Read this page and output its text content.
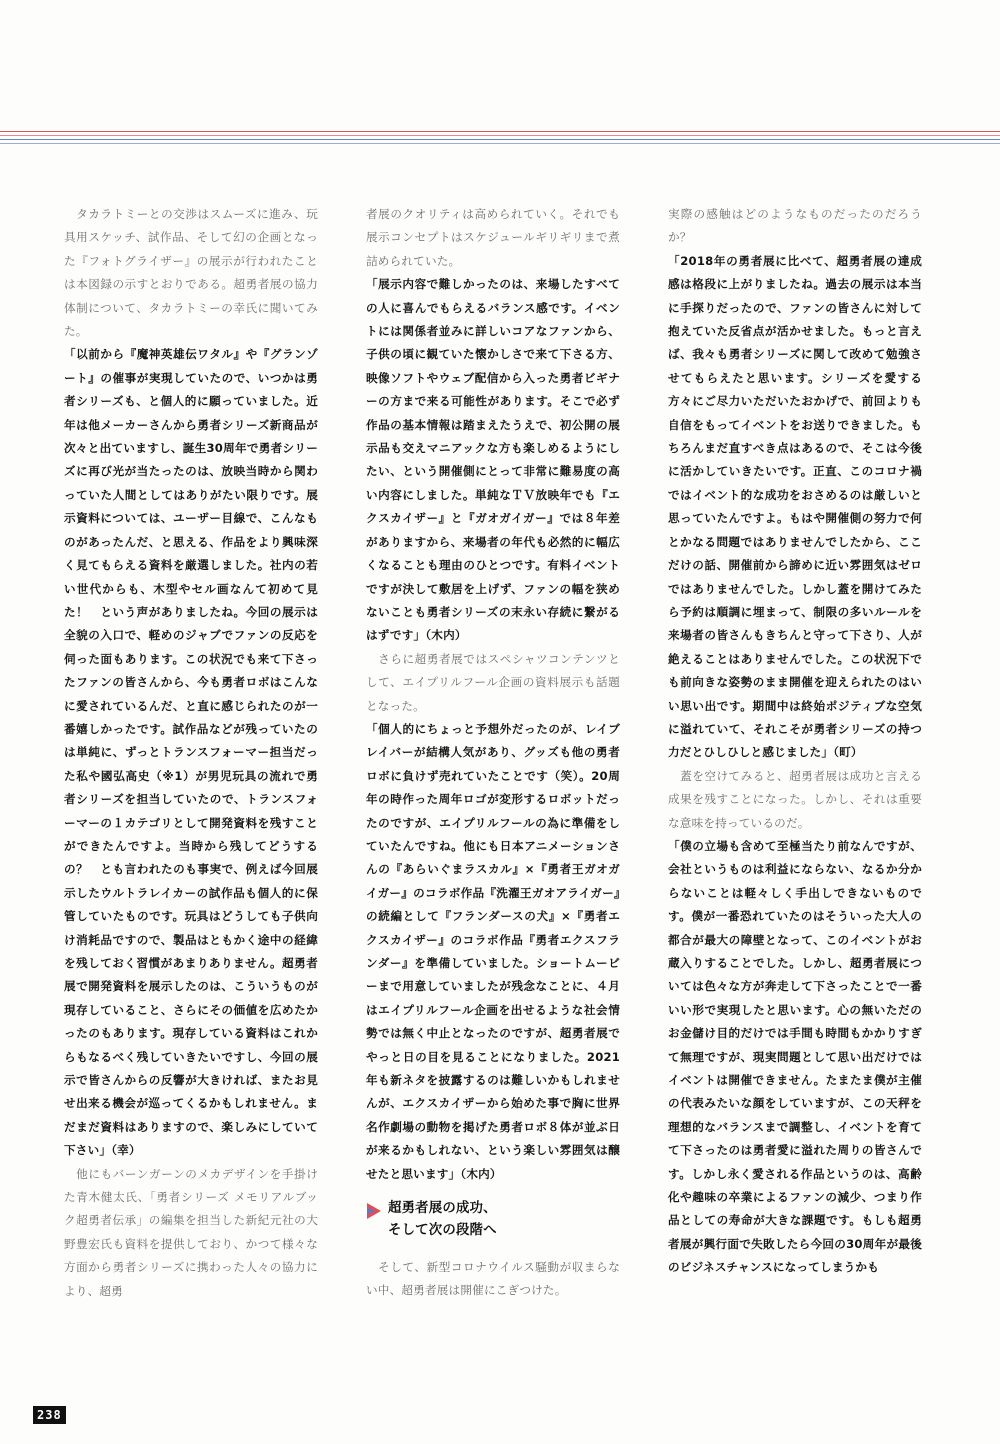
　タカラトミーとの交渉はスムーズに進み、玩具用スケッチ、試作品、そして幻の企画となった『フォトグライザー』の展示が行われたことは本図録の示すとおりである。超勇者展の協力体制について、タカラトミーの幸氏に聞いてみた。

「以前から『魔神英雄伝ワタル』や『グランゾート』の催事が実現していたので、いつかは勇者シリーズも、と個人的に願っていました。近年は他メーカーさんから勇者シリーズ新商品が次々と出ていますし、誕生30周年で勇者シリーズに再び光が当たったのは、放映当時から関わっていた人間としてはありがたい限りです。展示資料については、ユーザー目線で、こんなものがあったんだ、と思える、作品をより興味深く見てもらえる資料を厳選しました。社内の若い世代からも、木型やセル画なんて初めて見た！　という声がありましたね。今回の展示は全貌の入口で、軽めのジャブでファンの反応を伺った面もあります。この状況でも来て下さったファンの皆さんから、今も勇者ロボはこんなに愛されているんだ、と直に感じられたのが一番嬉しかったです。試作品などが残っていたのは単純に、ずっとトランスフォーマー担当だった私や國弘高史（※1）が男児玩具の流れで勇者シリーズを担当していたので、トランスフォーマーの１カテゴリとして開発資料を残すことができたんですよ。当時から残してどうするの？　とも言われたのも事実で、例えば今回展示したウルトラレイカーの試作品も個人的に保管していたものです。玩具はどうしても子供向け消耗品ですので、製品はともかく途中の経緯を残しておく習慣があまりありません。超勇者展で開発資料を展示したのは、こういうものが現存していること、さらにその価値を広めたかったのもあります。現存している資料はこれからもなるべく残していきたいですし、今回の展示で皆さんからの反響が大きければ、またお見せ出来る機会が巡ってくるかもしれません。まだまだ資料はありますので、楽しみにしていて下さい」（幸）

　他にもバーンガーンのメカデザインを手掛けた青木健太氏、「勇者シリーズ メモリアルブック超勇者伝承」の編集を担当した新紀元社の大野豊宏氏も資料を提供しており、かつて様々な方面から勇者シリーズに携わった人々の協力により、超勇

者展のクオリティは高められていく。それでも展示コンセプトはスケジュールギリギリまで煮詰められていた。

「展示内容で難しかったのは、来場したすべての人に喜んでもらえるバランス感です。イベントには関係者並みに詳しいコアなファンから、子供の頃に観ていた懐かしさで来て下さる方、映像ソフトやウェブ配信から入った勇者ビギナーの方まで来る可能性があります。そこで必ず作品の基本情報は踏まえたうえで、初公開の展示品も交えマニアックな方も楽しめるようにしたい、という開催側にとって非常に難易度の高い内容にしました。単純なＴＶ放映年でも『エクスカイザー』と『ガオガイガー』では８年差がありますから、来場者の年代も必然的に幅広くなることも理由のひとつです。有料イベントですが決して敷居を上げず、ファンの幅を狭めないことも勇者シリーズの末永い存続に繋がるはずです」（木内）

　さらに超勇者展ではスペシャツコンテンツとして、エイプリルフール企画の資料展示も話題となった。

「個人的にちょっと予想外だったのが、レイブレイバーが結構人気があり、グッズも他の勇者ロボに負けず売れていたことです（笑）。20周年の時作った周年ロゴが変形するロボットだったのですが、エイプリルフールの為に準備をしていたんですね。他にも日本アニメーションさんの『あらいぐまラスカル』×『勇者王ガオガイガー』のコラボ作品『洗濯王ガオアライガー』の続編として『フランダースの犬』×『勇者エクスカイザー』のコラボ作品『勇者エクスフランダー』を準備していました。ショートムービーまで用意していましたが残念なことに、４月はエイプリルフール企画を出せるような社会情勢では無く中止となったのですが、超勇者展でやっと日の目を見ることになりました。2021年も新ネタを披露するのは難しいかもしれませんが、エクスカイザーから始めた事で胸に世界名作劇場の動物を掲げた勇者ロボ８体が並ぶ日が来るかもしれない、という楽しい雰囲気は醸せたと思います」（木内）

超勇者展の成功、
そして次の段階へ

　そして、新型コロナウイルス騒動が収まらない中、超勇者展は開催にこぎつけた。

実際の感触はどのようなものだったのだろうか？

「2018年の勇者展に比べて、超勇者展の達成感は格段に上がりましたね。過去の展示は本当に手探りだったので、ファンの皆さんに対して抱えていた反省点が活かせました。もっと言えば、我々も勇者シリーズに関して改めて勉強させてもらえたと思います。シリーズを愛する方々にご尽力いただいたおかげで、前回よりも自信をもってイベントをお送りできました。もちろんまだ直すべき点はあるので、そこは今後に活かしていきたいです。正直、このコロナ禍ではイベント的な成功をおさめるのは厳しいと思っていたんですよ。もはや開催側の努力で何とかなる問題ではありませんでしたから、ここだけの話、開催前から諦めに近い雰囲気はゼロではありませんでした。しかし蓋を開けてみたら予約は順調に埋まって、制限の多いルールを来場者の皆さんもきちんと守って下さり、人が絶えることはありませんでした。この状況下でも前向きな姿勢のまま開催を迎えられたのはいい思い出です。期間中は終始ポジティブな空気に溢れていて、それこそが勇者シリーズの持つ力だとひしひしと感じました」（町）

　蓋を空けてみると、超勇者展は成功と言える成果を残すことになった。しかし、それは重要な意味を持っているのだ。

「僕の立場も含めて至極当たり前なんですが、会社というものは利益にならない、なるか分からないことは軽々しく手出しできないものです。僕が一番恐れていたのはそういった大人の都合が最大の障壁となって、このイベントがお蔵入りすることでした。しかし、超勇者展については色々な方が奔走して下さったことで一番いい形で実現したと思います。心の無いただのお金儲け目的だけでは手間も時間もかかりすぎて無理ですが、現実問題として思い出だけではイベントは開催できません。たまたま僕が主催の代表みたいな顔をしていますが、この天秤を理想的なバランスまで調整し、イベントを育てて下さったのは勇者愛に溢れた周りの皆さんです。しかし永く愛される作品というのは、高齢化や趣味の卒業によるファンの減少、つまり作品としての寿命が大きな課題です。もしも超勇者展が興行面で失敗したら今回の30周年が最後のビジネスチャンスになってしまうかも

238
